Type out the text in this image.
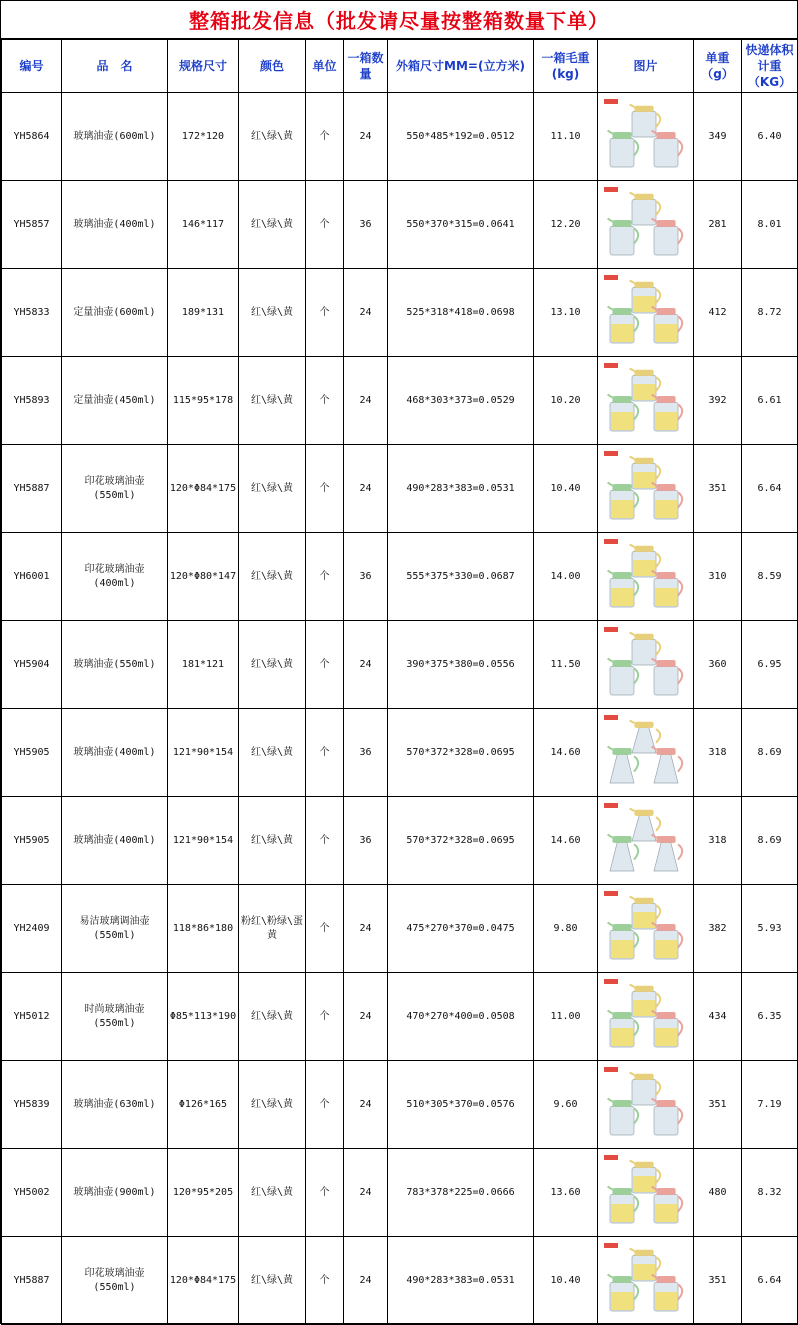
整箱批发信息（批发请尽量按整箱数量下单）
编号	品　名	规格尺寸	颜色	单位	一箱数量	外箱尺寸MM=(立方米)	一箱毛重(kg)	图片	单重（g）	快递体积计重（KG）
YH5864	玻璃油壶(600ml)	172*120	红\绿\黄	个	24	550*485*192=0.0512	11.10		349	6.40
YH5857	玻璃油壶(400ml)	146*117	红\绿\黄	个	36	550*370*315=0.0641	12.20		281	8.01
YH5833	定量油壶(600ml)	189*131	红\绿\黄	个	24	525*318*418=0.0698	13.10		412	8.72
YH5893	定量油壶(450ml)	115*95*178	红\绿\黄	个	24	468*303*373=0.0529	10.20		392	6.61
YH5887	印花玻璃油壶(550ml)	120*Φ84*175	红\绿\黄	个	24	490*283*383=0.0531	10.40		351	6.64
YH6001	印花玻璃油壶(400ml)	120*Φ80*147	红\绿\黄	个	36	555*375*330=0.0687	14.00		310	8.59
YH5904	玻璃油壶(550ml)	181*121	红\绿\黄	个	24	390*375*380=0.0556	11.50		360	6.95
YH5905	玻璃油壶(400ml)	121*90*154	红\绿\黄	个	36	570*372*328=0.0695	14.60		318	8.69
YH5905	玻璃油壶(400ml)	121*90*154	红\绿\黄	个	36	570*372*328=0.0695	14.60		318	8.69
YH2409	易洁玻璃调油壶(550ml)	118*86*180	粉红\粉绿\蛋黄	个	24	475*270*370=0.0475	9.80		382	5.93
YH5012	时尚玻璃油壶(550ml)	Φ85*113*190	红\绿\黄	个	24	470*270*400=0.0508	11.00		434	6.35
YH5839	玻璃油壶(630ml)	Φ126*165	红\绿\黄	个	24	510*305*370=0.0576	9.60		351	7.19
YH5002	玻璃油壶(900ml)	120*95*205	红\绿\黄	个	24	783*378*225=0.0666	13.60		480	8.32
YH5887	印花玻璃油壶(550ml)	120*Φ84*175	红\绿\黄	个	24	490*283*383=0.0531	10.40		351	6.64
